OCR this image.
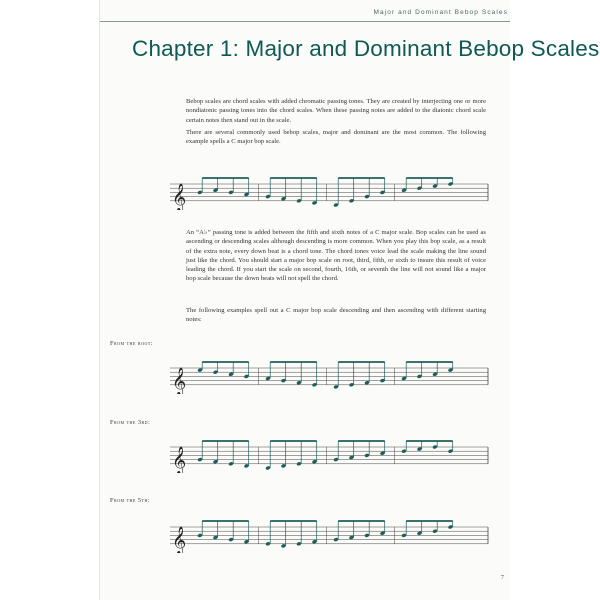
Major and Dominant Bebop Scales
Chapter 1: Major and Dominant Bebop Scales

Bebop scales are chord scales with added chromatic passing tones. They are created by interjecting one or more nondiatonic passing tones into the chord scales. When these passing notes are added to the diatonic chord scale certain notes then stand out in the scale.

There are several commonly used bebop scales, major and dominant are the most common. The following example spells a C major bop scale.

𝄞

An “A♭” passing tone is added between the fifth and sixth notes of a C major scale. Bop scales can be used as ascending or descending scales although descending is more common. When you play this bop scale, as a result of the extra note, every down beat is a chord tone. The chord tones voice lead the scale making the line sound just like the chord. You should start a major bop scale on root, third, fifth, or sixth to insure this result of voice leading the chord. If you start the scale on second, fourth, 16th, or seventh the line will not sound like a major bop scale because the down beats will not spell the chord.

The following examples spell out a C major bop scale descending and then ascending with different starting notes:

From the root:
𝄞
From the 3rd:
𝄞
From the 5th:
𝄞
7
